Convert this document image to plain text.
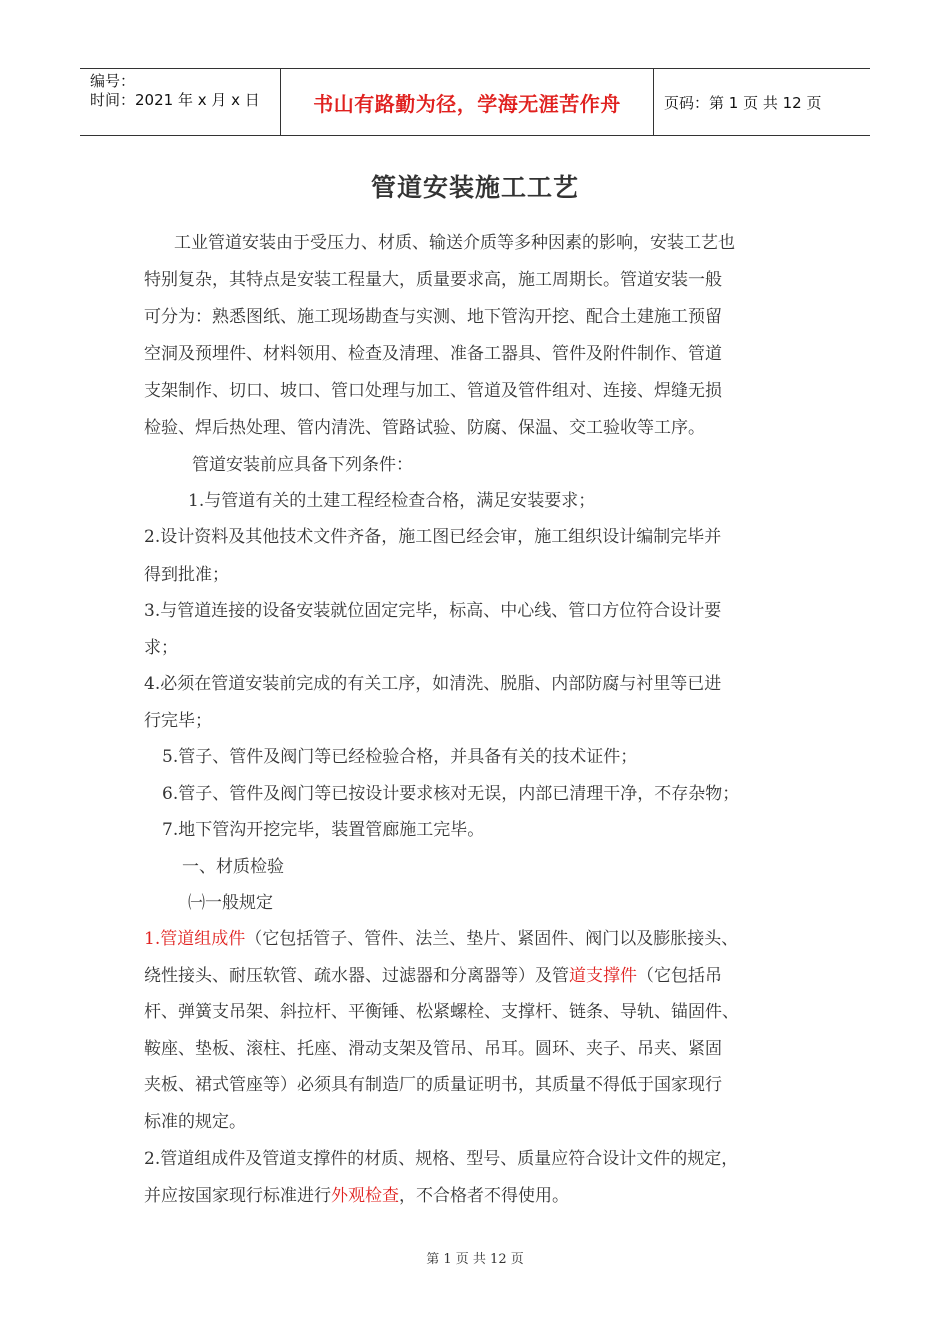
编号：
时间：2021 年 x 月 x 日	书山有路勤为径，学海无涯苦作舟	页码：第 1 页 共 12 页
管道安装施工工艺
工业管道安装由于受压力、材质、输送介质等多种因素的影响，安装工艺也
特别复杂，其特点是安装工程量大，质量要求高，施工周期长。管道安装一般
可分为：熟悉图纸、施工现场勘查与实测、地下管沟开挖、配合土建施工预留
空洞及预埋件、材料领用、检查及清理、准备工器具、管件及附件制作、管道
支架制作、切口、坡口、管口处理与加工、管道及管件组对、连接、焊缝无损
检验、焊后热处理、管内清洗、管路试验、防腐、保温、交工验收等工序。
管道安装前应具备下列条件：
1.与管道有关的土建工程经检查合格，满足安装要求；
2.设计资料及其他技术文件齐备，施工图已经会审，施工组织设计编制完毕并
得到批准；
3.与管道连接的设备安装就位固定完毕，标高、中心线、管口方位符合设计要
求；
4.必须在管道安装前完成的有关工序，如清洗、脱脂、内部防腐与衬里等已进
行完毕；
5.管子、管件及阀门等已经检验合格，并具备有关的技术证件；
6.管子、管件及阀门等已按设计要求核对无误，内部已清理干净，不存杂物；
7.地下管沟开挖完毕，装置管廊施工完毕。
一、材质检验
㈠一般规定
1.管道组成件（它包括管子、管件、法兰、垫片、紧固件、阀门以及膨胀接头、
绕性接头、耐压软管、疏水器、过滤器和分离器等）及管道支撑件（它包括吊
杆、弹簧支吊架、斜拉杆、平衡锤、松紧螺栓、支撑杆、链条、导轨、锚固件、
鞍座、垫板、滚柱、托座、滑动支架及管吊、吊耳。圆环、夹子、吊夹、紧固
夹板、裙式管座等）必须具有制造厂的质量证明书，其质量不得低于国家现行
标准的规定。
2.管道组成件及管道支撑件的材质、规格、型号、质量应符合设计文件的规定，
并应按国家现行标准进行外观检查，不合格者不得使用。
第 1 页 共 12 页
